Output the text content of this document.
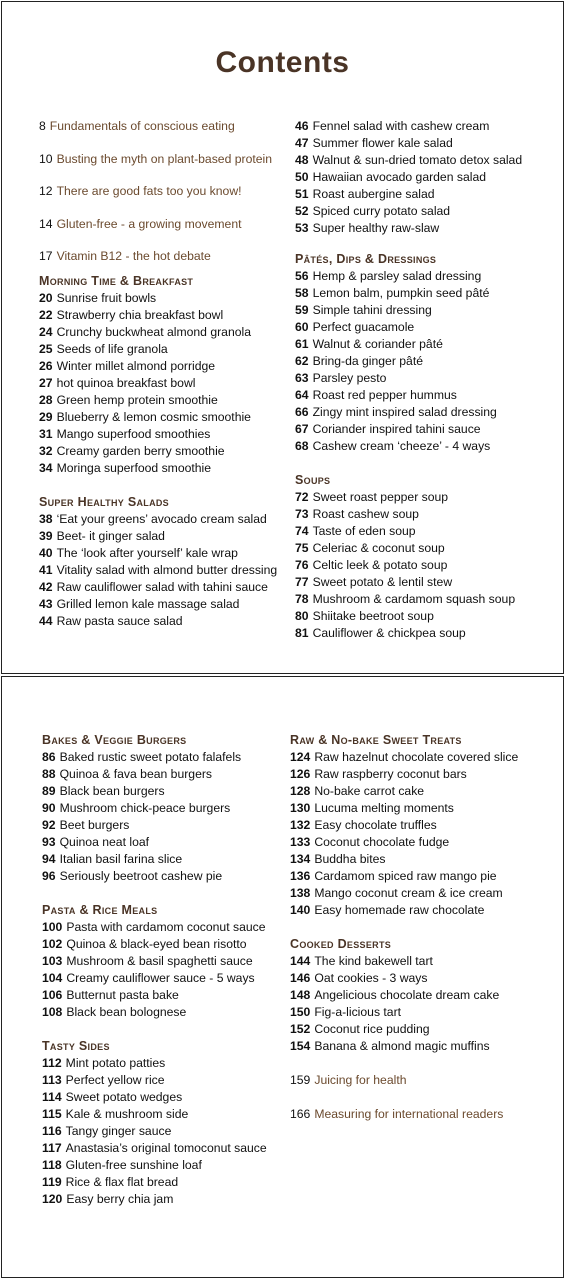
Contents
8 Fundamentals of conscious eating
10 Busting the myth on plant-based protein
12 There are good fats too you know!
14 Gluten-free - a growing movement
17 Vitamin B12 - the hot debate
Morning Time & Breakfast
20 Sunrise fruit bowls
22 Strawberry chia breakfast bowl
24 Crunchy buckwheat almond granola
25 Seeds of life granola
26 Winter millet almond porridge
27 hot quinoa breakfast bowl
28 Green hemp protein smoothie
29 Blueberry & lemon cosmic smoothie
31 Mango superfood smoothies
32 Creamy garden berry smoothie
34 Moringa superfood smoothie
Super Healthy Salads
38 ‘Eat your greens’ avocado cream salad
39 Beet- it ginger salad
40 The ‘look after yourself’ kale wrap
41 Vitality salad with almond butter dressing
42 Raw cauliflower salad with tahini sauce
43 Grilled lemon kale massage salad
44 Raw pasta sauce salad
46 Fennel salad with cashew cream
47 Summer flower kale salad
48 Walnut & sun-dried tomato detox salad
50 Hawaiian avocado garden salad
51 Roast aubergine salad
52 Spiced curry potato salad
53 Super healthy raw-slaw
Pâtés, Dips & Dressings
56 Hemp & parsley salad dressing
58 Lemon balm, pumpkin seed pâté
59 Simple tahini dressing
60 Perfect guacamole
61 Walnut & coriander pâté
62 Bring-da ginger pâté
63 Parsley pesto
64 Roast red pepper hummus
66 Zingy mint inspired salad dressing
67 Coriander inspired tahini sauce
68 Cashew cream ‘cheeze’ - 4 ways
Soups
72 Sweet roast pepper soup
73 Roast cashew soup
74 Taste of eden soup
75 Celeriac & coconut soup
76 Celtic leek & potato soup
77 Sweet potato & lentil stew
78 Mushroom & cardamom squash soup
80 Shiitake beetroot soup
81 Cauliflower & chickpea soup
Bakes & Veggie Burgers
86 Baked rustic sweet potato falafels
88 Quinoa & fava bean burgers
89 Black bean burgers
90 Mushroom chick-peace burgers
92 Beet burgers
93 Quinoa neat loaf
94 Italian basil farina slice
96 Seriously beetroot cashew pie
Pasta & Rice Meals
100 Pasta with cardamom coconut sauce
102 Quinoa & black-eyed bean risotto
103 Mushroom & basil spaghetti sauce
104 Creamy cauliflower sauce - 5 ways
106 Butternut pasta bake
108 Black bean bolognese
Tasty Sides
112 Mint potato patties
113 Perfect yellow rice
114 Sweet potato wedges
115 Kale & mushroom side
116 Tangy ginger sauce
117 Anastasia’s original tomoconut sauce
118 Gluten-free sunshine loaf
119 Rice & flax flat bread
120 Easy berry chia jam
Raw & No-bake Sweet Treats
124 Raw hazelnut chocolate covered slice
126 Raw raspberry coconut bars
128 No-bake carrot cake
130 Lucuma melting moments
132 Easy chocolate truffles
133 Coconut chocolate fudge
134 Buddha bites
136 Cardamom spiced raw mango pie
138 Mango coconut cream & ice cream
140 Easy homemade raw chocolate
Cooked Desserts
144 The kind bakewell tart
146 Oat cookies - 3 ways
148 Angelicious chocolate dream cake
150 Fig-a-licious tart
152 Coconut rice pudding
154 Banana & almond magic muffins
159 Juicing for health
166 Measuring for international readers
